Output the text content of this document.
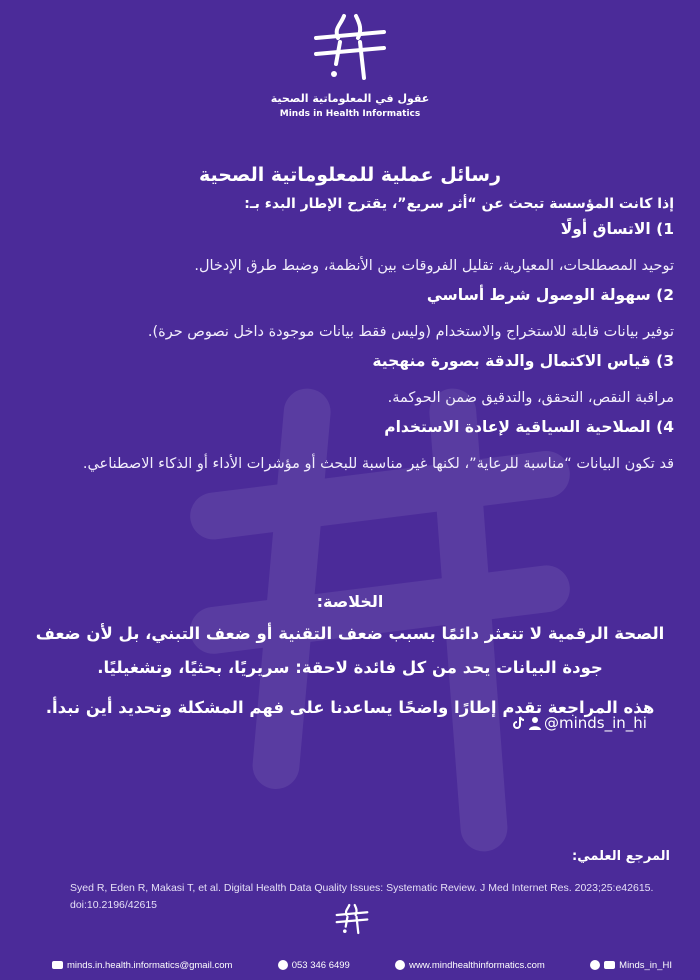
عقول في المعلوماتية الصحية
Minds in Health Informatics
رسائل عملية للمعلوماتية الصحية

إذا كانت المؤسسة تبحث عن “أثر سريع”، يقترح الإطار البدء بـ:

1) الاتساق أولًا

توحيد المصطلحات، المعيارية، تقليل الفروقات بين الأنظمة، وضبط طرق الإدخال.

2) سهولة الوصول شرط أساسي

توفير بيانات قابلة للاستخراج والاستخدام (وليس فقط بيانات موجودة داخل نصوص حرة).

3) قياس الاكتمال والدقة بصورة منهجية

مراقبة النقص، التحقق، والتدقيق ضمن الحوكمة.

4) الصلاحية السياقية لإعادة الاستخدام

قد تكون البيانات “مناسبة للرعاية”، لكنها غير مناسبة للبحث أو مؤشرات الأداء أو الذكاء الاصطناعي.

الخلاصة:

الصحة الرقمية لا تتعثر دائمًا بسبب ضعف التقنية أو ضعف التبني، بل لأن ضعف جودة البيانات يحد من كل فائدة لاحقة: سريريًا، بحثيًا، وتشغيليًا.

هذه المراجعة تقدم إطارًا واضحًا يساعدنا على فهم المشكلة وتحديد أين نبدأ.

@minds_in_hi
المرجع العلمي:
Syed R, Eden R, Makasi T, et al. Digital Health Data Quality Issues: Systematic Review. J Med Internet Res. 2023;25:e42615. doi:10.2196/42615
minds.in.health.informatics@gmail.com	053 346 6499	www.mindhealthinformatics.com	Minds_in_HI
